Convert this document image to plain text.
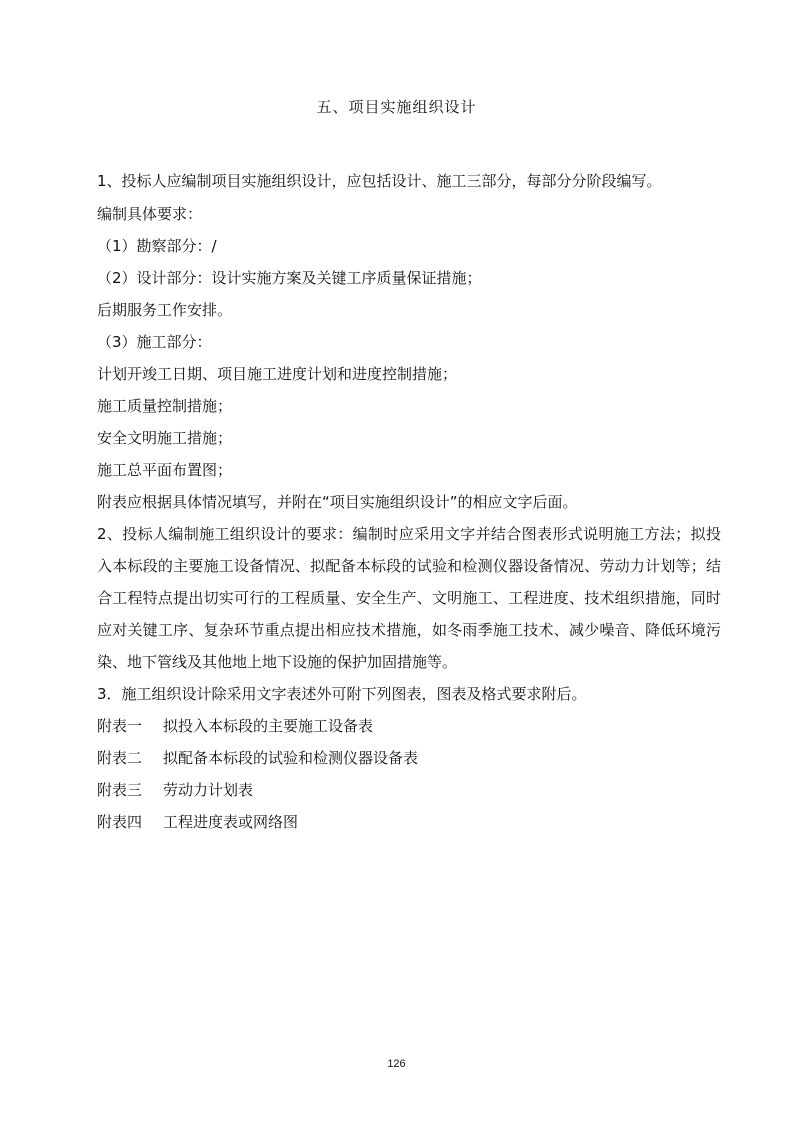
五、项目实施组织设计
1、投标人应编制项目实施组织设计，应包括设计、施工三部分，每部分分阶段编写。
编制具体要求：
（1）勘察部分：/
（2）设计部分：设计实施方案及关键工序质量保证措施；
后期服务工作安排。
（3）施工部分：
计划开竣工日期、项目施工进度计划和进度控制措施；
施工质量控制措施；
安全文明施工措施；
施工总平面布置图；
附表应根据具体情况填写，并附在“项目实施组织设计”的相应文字后面。
2、投标人编制施工组织设计的要求：编制时应采用文字并结合图表形式说明施工方法；拟投入本标段的主要施工设备情况、拟配备本标段的试验和检测仪器设备情况、劳动力计划等；结合工程特点提出切实可行的工程质量、安全生产、文明施工、工程进度、技术组织措施，同时应对关键工序、复杂环节重点提出相应技术措施，如冬雨季施工技术、减少噪音、降低环境污染、地下管线及其他地上地下设施的保护加固措施等。
3．施工组织设计除采用文字表述外可附下列图表，图表及格式要求附后。
附表一 拟投入本标段的主要施工设备表
附表二 拟配备本标段的试验和检测仪器设备表
附表三 劳动力计划表
附表四 工程进度表或网络图
126
